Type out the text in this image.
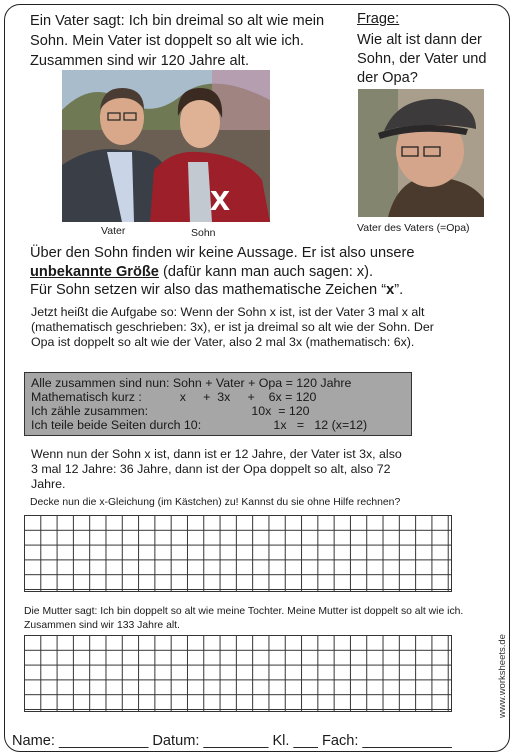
Ein Vater sagt: Ich bin dreimal so alt wie mein Sohn. Mein Vater ist doppelt so alt wie ich. Zusammen sind wir 120 Jahre alt.
Frage:
Wie alt ist dann der Sohn, der Vater und der Opa?
x
Vater	Sohn	Vater des Vaters (=Opa)
Über den Sohn finden wir keine Aussage. Er ist also unsere
unbekannte Größe (dafür kann man auch sagen: x).
Für Sohn setzen wir also das mathematische Zeichen “x”.
Jetzt heißt die Aufgabe so: Wenn der Sohn x ist, ist der Vater 3 mal x alt (mathematisch geschrieben: 3x), er ist ja dreimal so alt wie der Sohn. Der Opa ist doppelt so alt wie der Vater, also 2 mal 3x (mathematisch: 6x).
Alle zusammen sind nun: Sohn + Vater + Opa = 120 Jahre
Mathematisch kurz :           x     +  3x     +    6x = 120
Ich zähle zusammen:                              10x  = 120
Ich teile beide Seiten durch 10:                     1x   =   12 (x=12)
Wenn nun der Sohn x ist, dann ist er 12 Jahre, der Vater ist 3x, also 3 mal 12 Jahre: 36 Jahre, dann ist der Opa doppelt so alt, also 72 Jahre.
Decke nun die x-Gleichung (im Kästchen) zu! Kannst du sie ohne Hilfe rechnen?
Die Mutter sagt: Ich bin doppelt so alt wie meine Tochter. Meine Mutter ist doppelt so alt wie ich. Zusammen sind wir 133 Jahre alt.
www.worksheets.de
Name: ___________ Datum: ________ Kl. ___ Fach: ___________
